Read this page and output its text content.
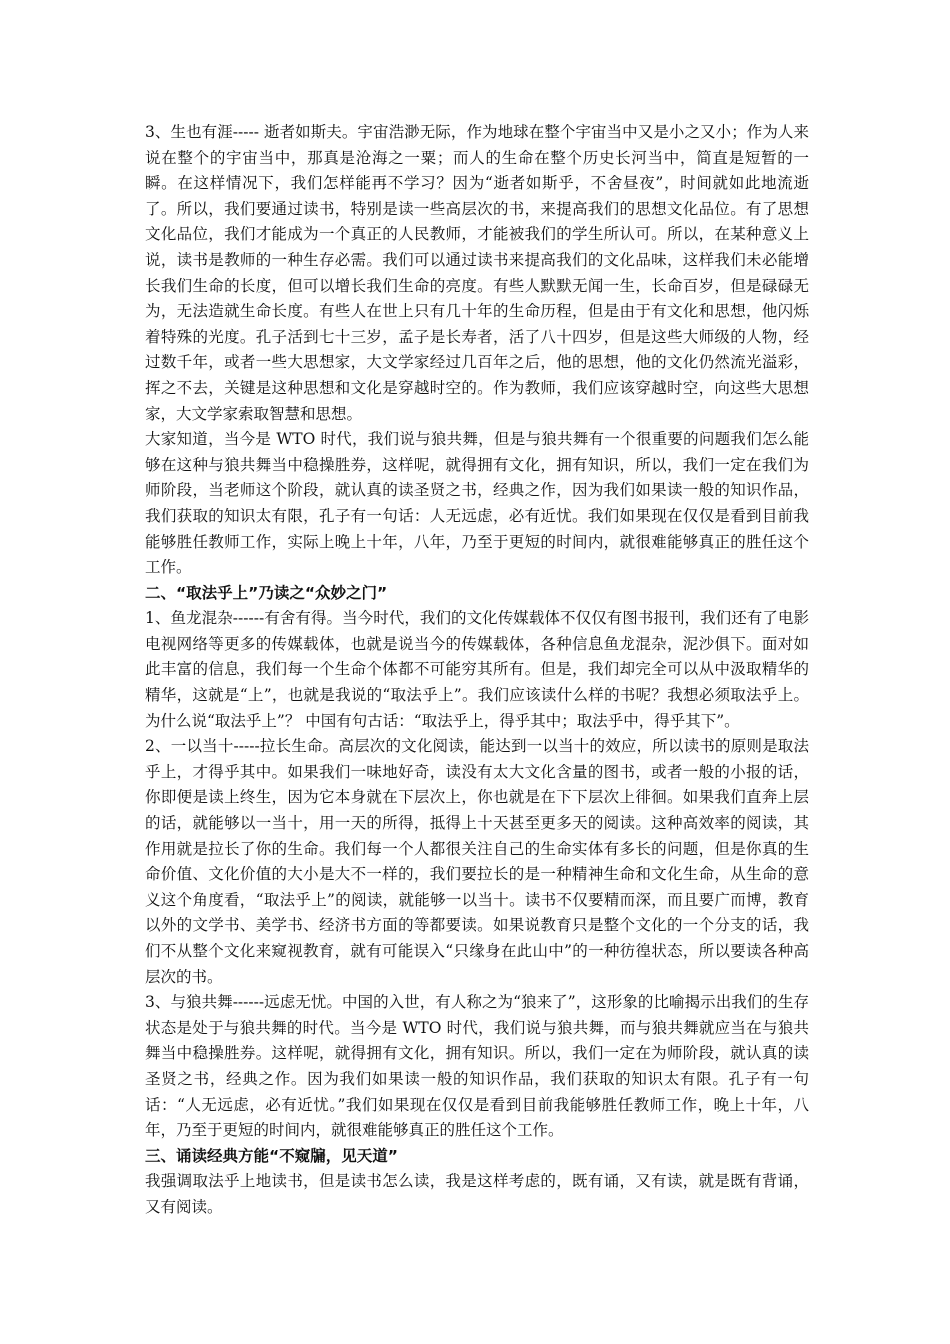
3、生也有涯----- 逝者如斯夫。宇宙浩渺无际，作为地球在整个宇宙当中又是小之又小；作为人来说在整个的宇宙当中，那真是沧海之一粟；而人的生命在整个历史长河当中，简直是短暂的一瞬。在这样情况下，我们怎样能再不学习？因为“逝者如斯乎，不舍昼夜”，时间就如此地流逝了。所以，我们要通过读书，特别是读一些高层次的书，来提高我们的思想文化品位。有了思想文化品位，我们才能成为一个真正的人民教师，才能被我们的学生所认可。所以，在某种意义上说，读书是教师的一种生存必需。我们可以通过读书来提高我们的文化品味，这样我们未必能增长我们生命的长度，但可以增长我们生命的亮度。有些人默默无闻一生，长命百岁，但是碌碌无为，无法造就生命长度。有些人在世上只有几十年的生命历程，但是由于有文化和思想，他闪烁着特殊的光度。孔子活到七十三岁，孟子是长寿者，活了八十四岁，但是这些大师级的人物，经过数千年，或者一些大思想家，大文学家经过几百年之后，他的思想，他的文化仍然流光溢彩，挥之不去，关键是这种思想和文化是穿越时空的。作为教师，我们应该穿越时空，向这些大思想家，大文学家索取智慧和思想。

大家知道，当今是 WTO 时代，我们说与狼共舞，但是与狼共舞有一个很重要的问题我们怎么能够在这种与狼共舞当中稳操胜券，这样呢，就得拥有文化，拥有知识，所以，我们一定在我们为师阶段，当老师这个阶段，就认真的读圣贤之书，经典之作，因为我们如果读一般的知识作品，我们获取的知识太有限，孔子有一句话：人无远虑，必有近忧。我们如果现在仅仅是看到目前我能够胜任教师工作，实际上晚上十年，八年，乃至于更短的时间内，就很难能够真正的胜任这个工作。

二、“取法乎上”乃读之“众妙之门”

1、鱼龙混杂------有舍有得。当今时代，我们的文化传媒载体不仅仅有图书报刊，我们还有了电影电视网络等更多的传媒载体，也就是说当今的传媒载体，各种信息鱼龙混杂，泥沙俱下。面对如此丰富的信息，我们每一个生命个体都不可能穷其所有。但是，我们却完全可以从中汲取精华的精华，这就是“上”，也就是我说的“取法乎上”。我们应该读什么样的书呢？我想必须取法乎上。为什么说“取法乎上”？ 中国有句古话：“取法乎上，得乎其中；取法乎中，得乎其下”。

2、一以当十-----拉长生命。高层次的文化阅读，能达到一以当十的效应，所以读书的原则是取法乎上，才得乎其中。如果我们一味地好奇，读没有太大文化含量的图书，或者一般的小报的话，你即便是读上终生，因为它本身就在下层次上，你也就是在下下层次上徘徊。如果我们直奔上层的话，就能够以一当十，用一天的所得，抵得上十天甚至更多天的阅读。这种高效率的阅读，其作用就是拉长了你的生命。我们每一个人都很关注自己的生命实体有多长的问题，但是你真的生命价值、文化价值的大小是大不一样的，我们要拉长的是一种精神生命和文化生命，从生命的意义这个角度看，“取法乎上”的阅读，就能够一以当十。读书不仅要精而深，而且要广而博，教育以外的文学书、美学书、经济书方面的等都要读。如果说教育只是整个文化的一个分支的话，我们不从整个文化来窥视教育，就有可能误入“只缘身在此山中”的一种彷徨状态，所以要读各种高层次的书。

3、与狼共舞------远虑无忧。中国的入世，有人称之为“狼来了”，这形象的比喻揭示出我们的生存状态是处于与狼共舞的时代。当今是 WTO 时代，我们说与狼共舞，而与狼共舞就应当在与狼共舞当中稳操胜券。这样呢，就得拥有文化，拥有知识。所以，我们一定在为师阶段，就认真的读圣贤之书，经典之作。因为我们如果读一般的知识作品，我们获取的知识太有限。孔子有一句话：“人无远虑，必有近忧。”我们如果现在仅仅是看到目前我能够胜任教师工作，晚上十年，八年，乃至于更短的时间内，就很难能够真正的胜任这个工作。

三、诵读经典方能“不窥牖，见天道”

我强调取法乎上地读书，但是读书怎么读，我是这样考虑的，既有诵，又有读，就是既有背诵，又有阅读。
